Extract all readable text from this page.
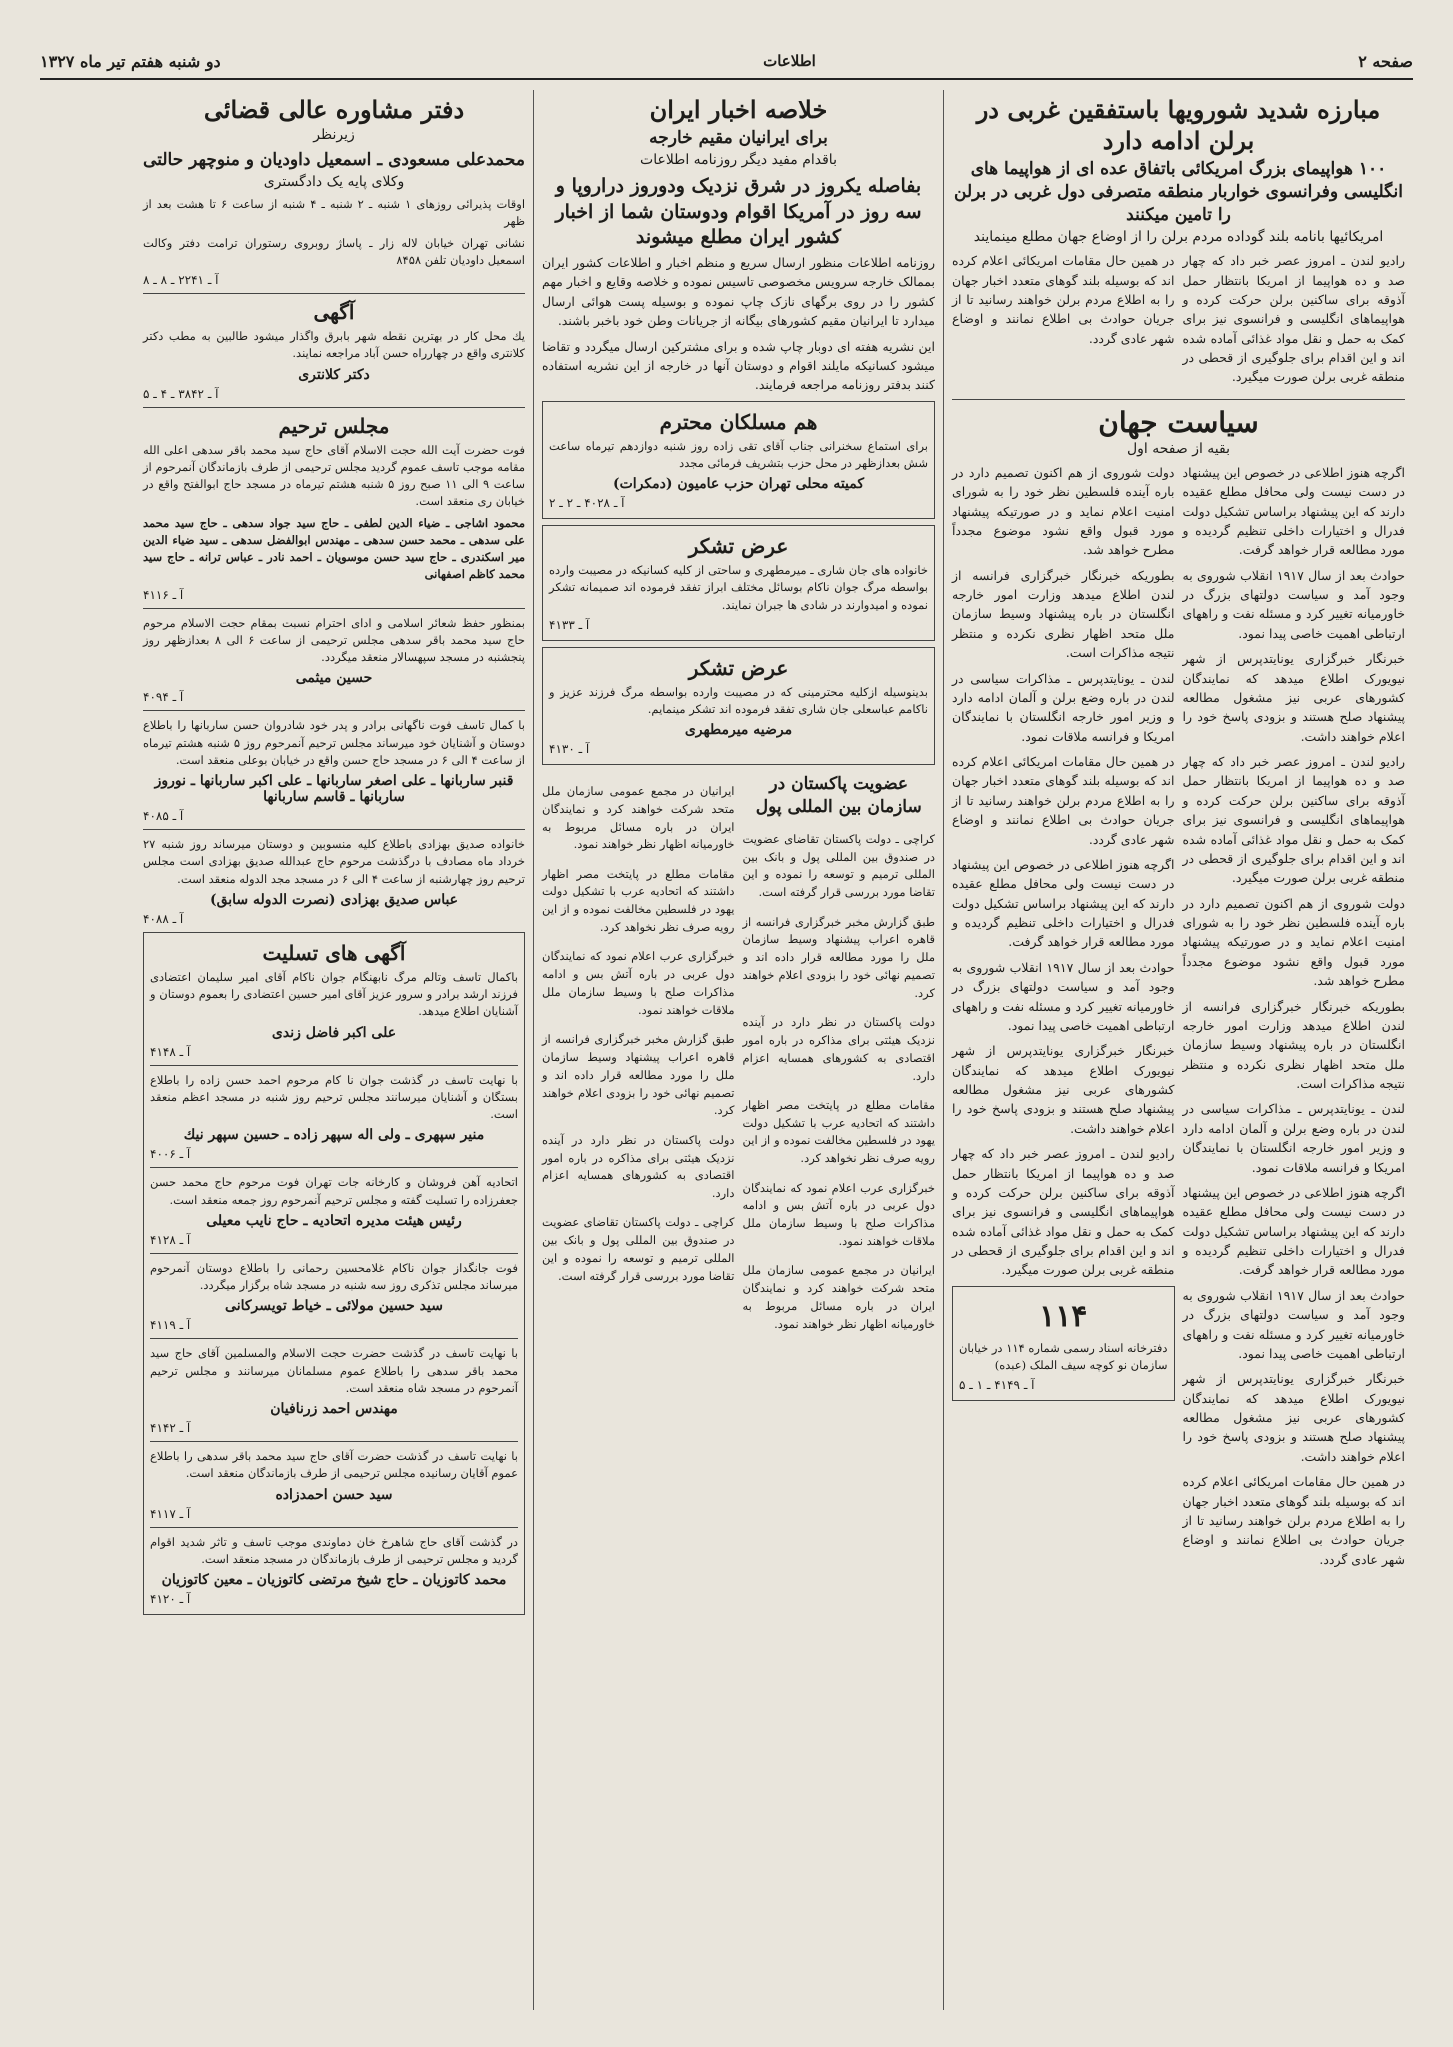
صفحه ۲
اطلاعات
دو شنبه هفتم تیر ماه ۱۳۲۷
مبارزه شدید شورویها باستفقین غربی در برلن ادامه دارد
۱۰۰ هواپیمای بزرگ امریکائی باتفاق عده ای از هواپیما های انگلیسی وفرانسوی خواربار منطقه متصرفی دول غربی در برلن را تامین میکنند
امریکائیها بانامه بلند گوداده مردم برلن را از اوضاع جهان مطلع مینمایند

رادیو لندن ـ امروز عصر خبر داد که چهار صد و ده هواپیما از امریکا بانتظار حمل آذوقه برای ساکنین برلن حرکت کرده و هواپیماهای انگلیسی و فرانسوی نیز برای کمک به حمل و نقل مواد غذائی آماده شده اند و این اقدام برای جلوگیری از قحطی در منطقه غربی برلن صورت میگیرد.

در همین حال مقامات امریکائی اعلام کرده اند که بوسیله بلند گوهای متعدد اخبار جهان را به اطلاع مردم برلن خواهند رسانید تا از جریان حوادث بی اطلاع نمانند و اوضاع شهر عادی گردد.

سیاست جهان
بقیه از صفحه اول

اگرچه هنوز اطلاعی در خصوص این پیشنهاد در دست نیست ولی محافل مطلع عقیده دارند که این پیشنهاد براساس تشکیل دولت فدرال و اختیارات داخلی تنظیم گردیده و مورد مطالعه قرار خواهد گرفت.

حوادث بعد از سال ۱۹۱۷ انقلاب شوروی به وجود آمد و سیاست دولتهای بزرگ در خاورمیانه تغییر کرد و مسئله نفت و راههای ارتباطی اهمیت خاصی پیدا نمود.

خبرنگار خبرگزاری یونایتدپرس از شهر نیویورک اطلاع میدهد که نمایندگان کشورهای عربی نیز مشغول مطالعه پیشنهاد صلح هستند و بزودی پاسخ خود را اعلام خواهند داشت.

رادیو لندن ـ امروز عصر خبر داد که چهار صد و ده هواپیما از امریکا بانتظار حمل آذوقه برای ساکنین برلن حرکت کرده و هواپیماهای انگلیسی و فرانسوی نیز برای کمک به حمل و نقل مواد غذائی آماده شده اند و این اقدام برای جلوگیری از قحطی در منطقه غربی برلن صورت میگیرد.

دولت شوروی از هم اکنون تصمیم دارد در باره آینده فلسطین نظر خود را به شورای امنیت اعلام نماید و در صورتیکه پیشنهاد مورد قبول واقع نشود موضوع مجدداً مطرح خواهد شد.

بطوریکه خبرنگار خبرگزاری فرانسه از لندن اطلاع میدهد وزارت امور خارجه انگلستان در باره پیشنهاد وسیط سازمان ملل متحد اظهار نظری نکرده و منتظر نتیجه مذاکرات است.

لندن ـ یونایتدپرس ـ مذاکرات سیاسی در لندن در باره وضع برلن و آلمان ادامه دارد و وزیر امور خارجه انگلستان با نمایندگان امریکا و فرانسه ملاقات نمود.

اگرچه هنوز اطلاعی در خصوص این پیشنهاد در دست نیست ولی محافل مطلع عقیده دارند که این پیشنهاد براساس تشکیل دولت فدرال و اختیارات داخلی تنظیم گردیده و مورد مطالعه قرار خواهد گرفت.

حوادث بعد از سال ۱۹۱۷ انقلاب شوروی به وجود آمد و سیاست دولتهای بزرگ در خاورمیانه تغییر کرد و مسئله نفت و راههای ارتباطی اهمیت خاصی پیدا نمود.

خبرنگار خبرگزاری یونایتدپرس از شهر نیویورک اطلاع میدهد که نمایندگان کشورهای عربی نیز مشغول مطالعه پیشنهاد صلح هستند و بزودی پاسخ خود را اعلام خواهند داشت.

در همین حال مقامات امریکائی اعلام کرده اند که بوسیله بلند گوهای متعدد اخبار جهان را به اطلاع مردم برلن خواهند رسانید تا از جریان حوادث بی اطلاع نمانند و اوضاع شهر عادی گردد.

دولت شوروی از هم اکنون تصمیم دارد در باره آینده فلسطین نظر خود را به شورای امنیت اعلام نماید و در صورتیکه پیشنهاد مورد قبول واقع نشود موضوع مجدداً مطرح خواهد شد.

بطوریکه خبرنگار خبرگزاری فرانسه از لندن اطلاع میدهد وزارت امور خارجه انگلستان در باره پیشنهاد وسیط سازمان ملل متحد اظهار نظری نکرده و منتظر نتیجه مذاکرات است.

لندن ـ یونایتدپرس ـ مذاکرات سیاسی در لندن در باره وضع برلن و آلمان ادامه دارد و وزیر امور خارجه انگلستان با نمایندگان امریکا و فرانسه ملاقات نمود.

در همین حال مقامات امریکائی اعلام کرده اند که بوسیله بلند گوهای متعدد اخبار جهان را به اطلاع مردم برلن خواهند رسانید تا از جریان حوادث بی اطلاع نمانند و اوضاع شهر عادی گردد.

اگرچه هنوز اطلاعی در خصوص این پیشنهاد در دست نیست ولی محافل مطلع عقیده دارند که این پیشنهاد براساس تشکیل دولت فدرال و اختیارات داخلی تنظیم گردیده و مورد مطالعه قرار خواهد گرفت.

حوادث بعد از سال ۱۹۱۷ انقلاب شوروی به وجود آمد و سیاست دولتهای بزرگ در خاورمیانه تغییر کرد و مسئله نفت و راههای ارتباطی اهمیت خاصی پیدا نمود.

خبرنگار خبرگزاری یونایتدپرس از شهر نیویورک اطلاع میدهد که نمایندگان کشورهای عربی نیز مشغول مطالعه پیشنهاد صلح هستند و بزودی پاسخ خود را اعلام خواهند داشت.

رادیو لندن ـ امروز عصر خبر داد که چهار صد و ده هواپیما از امریکا بانتظار حمل آذوقه برای ساکنین برلن حرکت کرده و هواپیماهای انگلیسی و فرانسوی نیز برای کمک به حمل و نقل مواد غذائی آماده شده اند و این اقدام برای جلوگیری از قحطی در منطقه غربی برلن صورت میگیرد.

۱۱۴

دفترخانه اسناد رسمی شماره ۱۱۴ در خیابان سازمان نو کوچه سیف الملک (عبده)

آ ـ ۴۱۴۹ ـ ۱ ـ ۵
خلاصه اخبار ایران
برای ایرانیان مقیم خارجه
باقدام مفید دیگر روزنامه اطلاعات
بفاصله یکروز در شرق نزدیک ودوروز دراروپا و سه روز در آمریکا اقوام ودوستان شما از اخبار کشور ایران مطلع میشوند

روزنامه اطلاعات منظور ارسال سریع و منظم اخبار و اطلاعات کشور ایران بممالک خارجه سرویس مخصوصی تاسیس نموده و خلاصه وقایع و اخبار مهم کشور را در روی برگهای نازک چاپ نموده و بوسیله پست هوائی ارسال میدارد تا ایرانیان مقیم کشورهای بیگانه از جریانات وطن خود باخبر باشند.

این نشریه هفته ای دوبار چاپ شده و برای مشترکین ارسال میگردد و تقاضا میشود کسانیکه مایلند اقوام و دوستان آنها در خارجه از این نشریه استفاده کنند بدفتر روزنامه مراجعه فرمایند.

هم مسلکان محترم

برای استماع سخنرانی جناب آقای تقی زاده روز شنبه دوازدهم تیرماه ساعت شش بعدازظهر در محل حزب بتشریف فرمائی مجدد

کمیته محلی تهران حزب عامیون (دمکرات)
آ ـ ۴۰۲۸ ـ ۲ ـ ۲
عرض تشکر

خانواده های جان شاری ـ میرمطهری و ساحتی از کلیه کسانیکه در مصیبت وارده بواسطه مرگ جوان ناکام بوسائل مختلف ابراز تفقد فرموده اند صمیمانه تشکر نموده و امیدوارند در شادی ها جبران نمایند.

آ ـ ۴۱۳۳
عرض تشکر

بدینوسیله ازکلیه محترمینی که در مصیبت وارده بواسطه مرگ فرزند عزیز و ناکامم عباسعلی جان شاری تفقد فرموده اند تشکر مینمایم.

مرضیه میرمطهری
آ ـ ۴۱۳۰
عضویت پاکستان در سازمان بین المللی پول

کراچی ـ دولت پاکستان تقاضای عضویت در صندوق بین المللی پول و بانک بین المللی ترمیم و توسعه را نموده و این تقاضا مورد بررسی قرار گرفته است.

طبق گزارش مخبر خبرگزاری فرانسه از قاهره اعراب پیشنهاد وسیط سازمان ملل را مورد مطالعه قرار داده اند و تصمیم نهائی خود را بزودی اعلام خواهند کرد.

دولت پاکستان در نظر دارد در آینده نزدیک هیئتی برای مذاکره در باره امور اقتصادی به کشورهای همسایه اعزام دارد.

مقامات مطلع در پایتخت مصر اظهار داشتند که اتحادیه عرب با تشکیل دولت یهود در فلسطین مخالفت نموده و از این رویه صرف نظر نخواهد کرد.

خبرگزاری عرب اعلام نمود که نمایندگان دول عربی در باره آتش بس و ادامه مذاکرات صلح با وسیط سازمان ملل ملاقات خواهند نمود.

ایرانیان در مجمع عمومی سازمان ملل متحد شرکت خواهند کرد و نمایندگان ایران در باره مسائل مربوط به خاورمیانه اظهار نظر خواهند نمود.

ایرانیان در مجمع عمومی سازمان ملل متحد شرکت خواهند کرد و نمایندگان ایران در باره مسائل مربوط به خاورمیانه اظهار نظر خواهند نمود.

مقامات مطلع در پایتخت مصر اظهار داشتند که اتحادیه عرب با تشکیل دولت یهود در فلسطین مخالفت نموده و از این رویه صرف نظر نخواهد کرد.

خبرگزاری عرب اعلام نمود که نمایندگان دول عربی در باره آتش بس و ادامه مذاکرات صلح با وسیط سازمان ملل ملاقات خواهند نمود.

طبق گزارش مخبر خبرگزاری فرانسه از قاهره اعراب پیشنهاد وسیط سازمان ملل را مورد مطالعه قرار داده اند و تصمیم نهائی خود را بزودی اعلام خواهند کرد.

دولت پاکستان در نظر دارد در آینده نزدیک هیئتی برای مذاکره در باره امور اقتصادی به کشورهای همسایه اعزام دارد.

کراچی ـ دولت پاکستان تقاضای عضویت در صندوق بین المللی پول و بانک بین المللی ترمیم و توسعه را نموده و این تقاضا مورد بررسی قرار گرفته است.

دفتر مشاوره عالی قضائی
زیرنظر
محمدعلی مسعودی ـ اسمعیل داودیان و منوچهر حالتی
وکلای پایه یک دادگستری

اوقات پذیرائی روزهای ۱ شنبه ـ ۲ شنبه ـ ۴ شنبه از ساعت ۶ تا هشت بعد از ظهر

نشانی تهران خیابان لاله زار ـ پاساژ روبروی رستوران ترامت دفتر وکالت اسمعیل داودیان تلفن ۸۴۵۸

آ ـ ۲۲۴۱ ـ ۸ ـ ۸
آگهی

یك محل کار در بهترین نقطه شهر بابرق واگذار میشود طالبین به مطب دکتر کلانتری واقع در چهارراه حسن آباد مراجعه نمایند.

دکتر کلانتری
آ ـ ۳۸۴۲ ـ ۴ ـ ۵
مجلس ترحیم

فوت حضرت آیت الله حجت الاسلام آقای حاج سید محمد باقر سدهی اعلی الله مقامه موجب تاسف عموم گردید مجلس ترحیمی از طرف بازماندگان آنمرحوم از ساعت ۹ الی ۱۱ صبح روز ۵ شنبه هشتم تیرماه در مسجد حاج ابوالفتح واقع در خیابان ری منعقد است.

محمود اشاجی ـ ضیاء الدین لطفی ـ حاج سید جواد سدهی ـ حاج سید محمد علی سدهی ـ محمد حسن سدهی ـ مهندس ابوالفضل سدهی ـ سید ضیاء الدین میر اسکندری ـ حاج سید حسن موسویان ـ احمد نادر ـ عباس ترانه ـ حاج سید محمد کاظم اصفهانی

آ ـ ۴۱۱۶

بمنظور حفظ شعائر اسلامی و ادای احترام نسبت بمقام حجت الاسلام مرحوم حاج سید محمد باقر سدهی مجلس ترحیمی از ساعت ۶ الی ۸ بعدازظهر روز پنجشنبه در مسجد سپهسالار منعقد میگردد.

حسین میثمی
آ ـ ۴۰۹۴

با کمال تاسف فوت ناگهانی برادر و پدر خود شادروان حسن ساربانها را باطلاع دوستان و آشنایان خود میرساند مجلس ترحیم آنمرحوم روز ۵ شنبه هشتم تیرماه از ساعت ۴ الی ۶ در مسجد حاج حسن واقع در خیابان بوعلی منعقد است.

قنبر ساربانها ـ علی اصغر ساربانها ـ علی اکبر ساربانها ـ نوروز ساربانها ـ قاسم ساربانها
آ ـ ۴۰۸۵

خانواده صدیق بهزادی باطلاع کلیه منسوبین و دوستان میرساند روز شنبه ۲۷ خرداد ماه مصادف با درگذشت مرحوم حاج عبدالله صدیق بهزادی است مجلس ترحیم روز چهارشنبه از ساعت ۴ الی ۶ در مسجد مجد الدوله منعقد است.

عباس صدیق بهزادی (نصرت الدوله سابق)
آ ـ ۴۰۸۸
آگهی های تسلیت

باکمال تاسف وتالم مرگ نابهنگام جوان ناکام آقای امیر سلیمان اعتضادی فرزند ارشد برادر و سرور عزیز آقای امیر حسین اعتضادی را بعموم دوستان و آشنایان اطلاع میدهد.

علی اکبر فاضل زندی
آ ـ ۴۱۴۸

با نهایت تاسف در گذشت جوان نا کام مرحوم احمد حسن زاده را باطلاع بستگان و آشنایان میرسانند مجلس ترحیم روز شنبه در مسجد اعظم منعقد است.

منیر سپهری ـ ولی اله سپهر زاده ـ حسین سپهر نیك
آ ـ ۴۰۰۶

اتحادیه آهن فروشان و کارخانه جات تهران فوت مرحوم حاج محمد حسن جعفرزاده را تسلیت گفته و مجلس ترحیم آنمرحوم روز جمعه منعقد است.

رئیس هیئت مدیره اتحادیه ـ حاج نایب معیلی
آ ـ ۴۱۲۸

فوت جانگداز جوان ناکام غلامحسین رحمانی را باطلاع دوستان آنمرحوم میرساند مجلس تذکری روز سه شنبه در مسجد شاه برگزار میگردد.

سید حسین مولائی ـ خیاط تویسرکانی
آ ـ ۴۱۱۹

با نهایت تاسف در گذشت حضرت حجت الاسلام والمسلمین آقای حاج سید محمد باقر سدهی را باطلاع عموم مسلمانان میرسانند و مجلس ترحیم آنمرحوم در مسجد شاه منعقد است.

مهندس احمد زرنافیان
آ ـ ۴۱۴۲

با نهایت تاسف در گذشت حضرت آقای حاج سید محمد باقر سدهی را باطلاع عموم آقایان رسانیده مجلس ترحیمی از طرف بازماندگان منعقد است.

سید حسن احمدزاده
آ ـ ۴۱۱۷

در گذشت آقای حاج شاهرخ خان دماوندی موجب تاسف و تاثر شدید اقوام گردید و مجلس ترحیمی از طرف بازماندگان در مسجد منعقد است.

محمد کاتوزیان ـ حاج شیخ مرتضی کاتوزیان ـ معین کاتوزیان
آ ـ ۴۱۲۰
